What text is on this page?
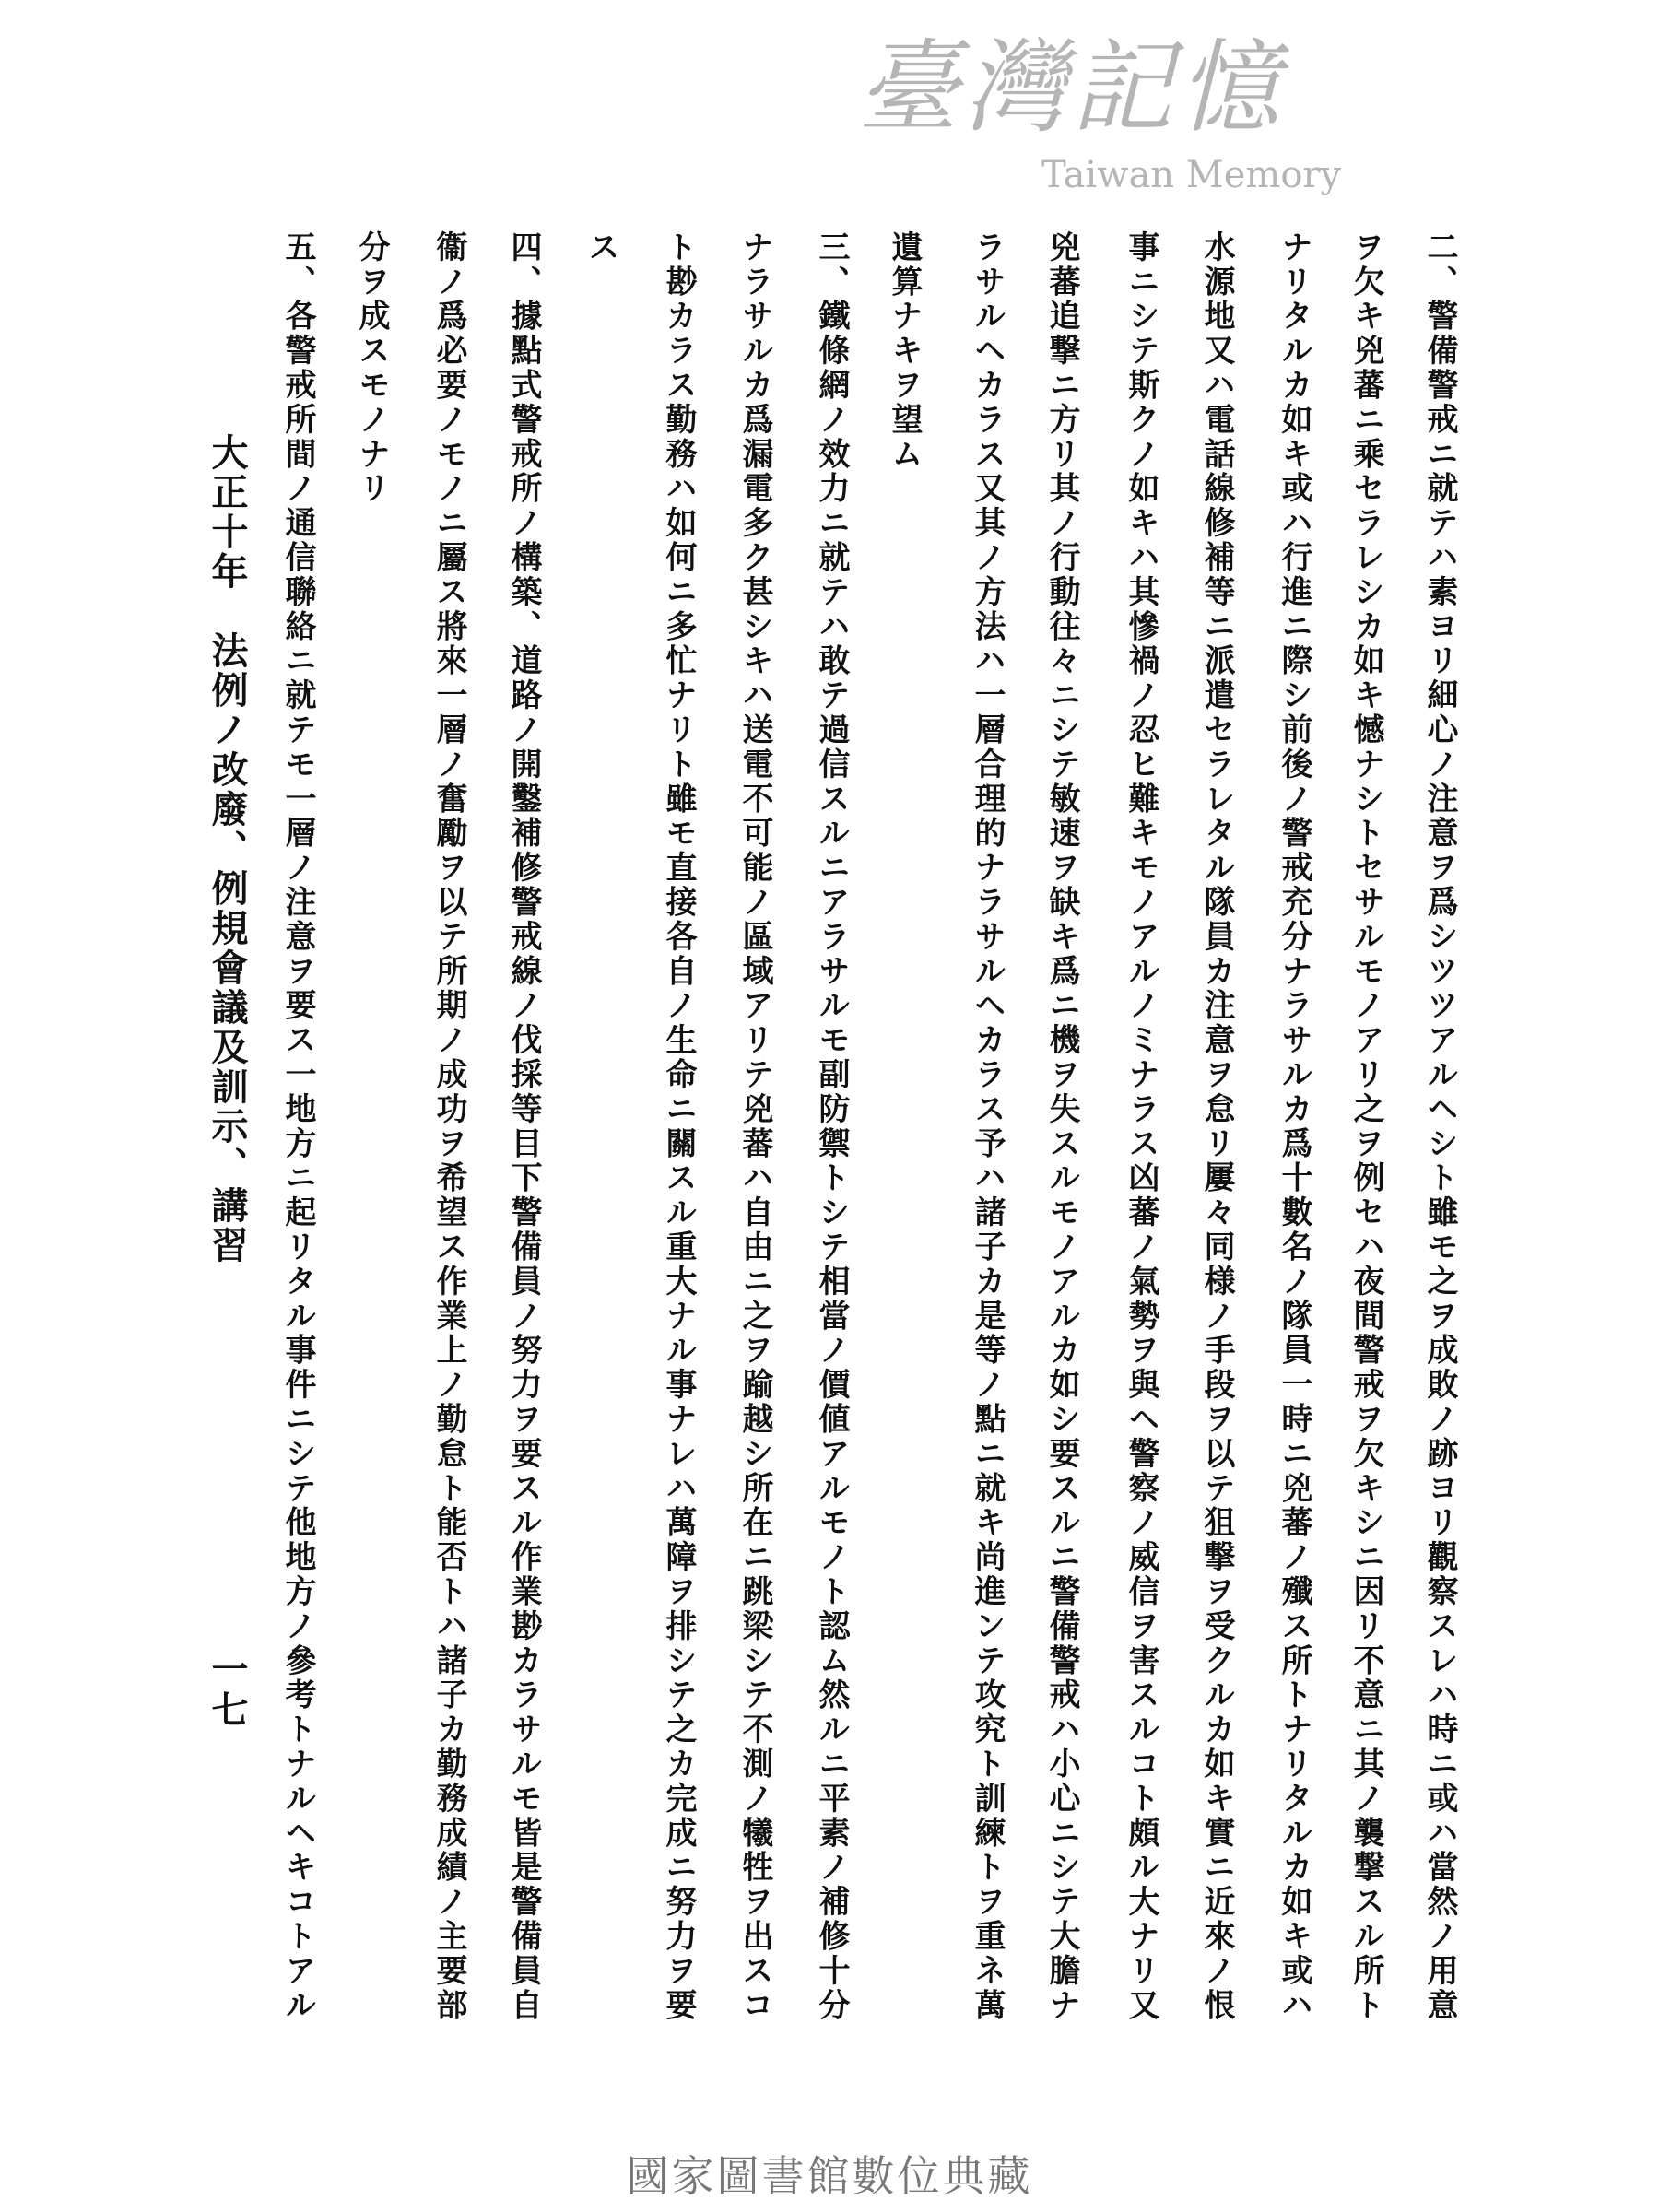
二、警備警戒ニ就テハ素ヨリ細心ノ注意ヲ爲シツツアルヘシト雖モ之ヲ成敗ノ跡ヨリ觀察スレハ時ニ或ハ當然ノ用意
ヲ欠キ兇蕃ニ乘セラレシカ如キ憾ナシトセサルモノアリ之ヲ例セハ夜間警戒ヲ欠キシニ因リ不意ニ其ノ襲撃スル所ト
ナリタルカ如キ或ハ行進ニ際シ前後ノ警戒充分ナラサルカ爲十數名ノ隊員一時ニ兇蕃ノ殲ス所トナリタルカ如キ或ハ
水源地又ハ電話線修補等ニ派遣セラレタル隊員カ注意ヲ怠リ屢々同様ノ手段ヲ以テ狙撃ヲ受クルカ如キ實ニ近來ノ恨
事ニシテ斯クノ如キハ其慘禍ノ忍ヒ難キモノアルノミナラス凶蕃ノ氣勢ヲ與ヘ警察ノ威信ヲ害スルコト頗ル大ナリ又
兇蕃追撃ニ方リ其ノ行動往々ニシテ敏速ヲ缺キ爲ニ機ヲ失スルモノアルカ如シ要スルニ警備警戒ハ小心ニシテ大膽ナ
ラサルヘカラス又其ノ方法ハ一層合理的ナラサルヘカラス予ハ諸子カ是等ノ點ニ就キ尚進ンテ攻究ト訓練トヲ重ネ萬
遺算ナキヲ望ム
三、鐵條網ノ效力ニ就テハ敢テ過信スルニアラサルモ副防禦トシテ相當ノ價値アルモノト認ム然ルニ平素ノ補修十分
ナラサルカ爲漏電多ク甚シキハ送電不可能ノ區域アリテ兇蕃ハ自由ニ之ヲ踰越シ所在ニ跳梁シテ不測ノ犧牲ヲ出スコ
ト尠カラス勤務ハ如何ニ多忙ナリト雖モ直接各自ノ生命ニ關スル重大ナル事ナレハ萬障ヲ排シテ之カ完成ニ努力ヲ要
ス
四、據點式警戒所ノ構築、道路ノ開鑿補修警戒線ノ伐採等目下警備員ノ努力ヲ要スル作業尠カラサルモ皆是警備員自
衞ノ爲必要ノモノニ屬ス將來一層ノ奮勵ヲ以テ所期ノ成功ヲ希望ス作業上ノ勤怠ト能否トハ諸子カ勤務成績ノ主要部
分ヲ成スモノナリ
五、各警戒所間ノ通信聯絡ニ就テモ一層ノ注意ヲ要ス一地方ニ起リタル事件ニシテ他地方ノ參考トナルヘキコトアル
大正十年　法例ノ改廢、例規會議及訓示、講習
一七
臺灣記憶
Taiwan Memory
國家圖書館數位典藏
